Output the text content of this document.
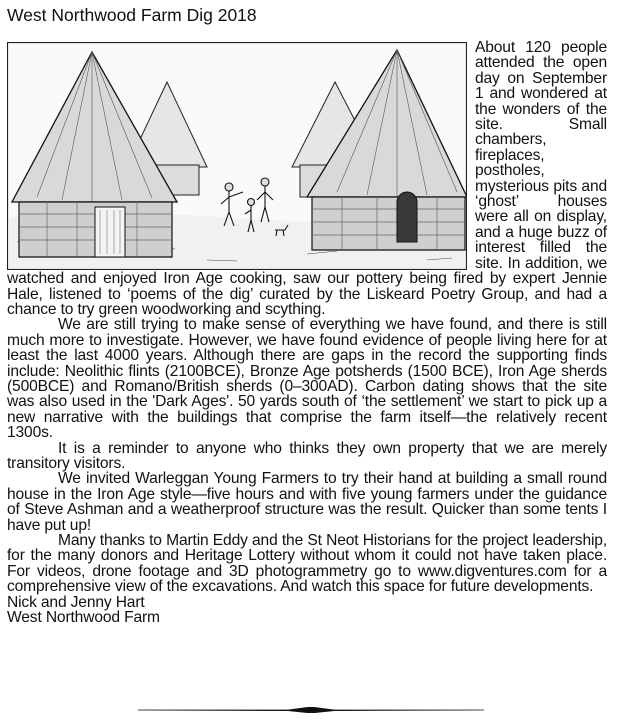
West Northwood Farm Dig 2018

About 120 people attended the open day on September 1 and wondered at the wonders of the site. Small chambers, fireplaces, postholes, mysterious pits and ‘ghost’ houses were all on display, and a huge buzz of interest filled the site. In addition, we watched and enjoyed Iron Age cooking, saw our pottery being fired by expert Jennie Hale, listened to ‘poems of the dig’ curated by the Liskeard Poetry Group, and had a chance to try green woodworking and scything.

We are still trying to make sense of everything we have found, and there is still much more to investigate. However, we have found evidence of people living here for at least the last 4000 years. Although there are gaps in the record the supporting finds include: Neolithic flints (2100BCE), Bronze Age potsherds (1500 BCE), Iron Age sherds (500BCE) and Romano/British sherds (0–300AD). Carbon dating shows that the site was also used in the 'Dark Ages'. 50 yards south of ‘the settlement’ we start to pick up a new narrative with the buildings that comprise the farm itself—the relatively recent 1300s.

It is a reminder to anyone who thinks they own property that we are merely transitory visitors.

We invited Warleggan Young Farmers to try their hand at building a small round house in the Iron Age style—five hours and with five young farmers under the guidance of Steve Ashman and a weatherproof structure was the result. Quicker than some tents I have put up!

Many thanks to Martin Eddy and the St Neot Historians for the project leadership, for the many donors and Heritage Lottery without whom it could not have taken place. For videos, drone footage and 3D photogrammetry go to www.digventures.com for a comprehensive view of the excavations. And watch this space for future developments.

Nick and Jenny Hart
West Northwood Farm
